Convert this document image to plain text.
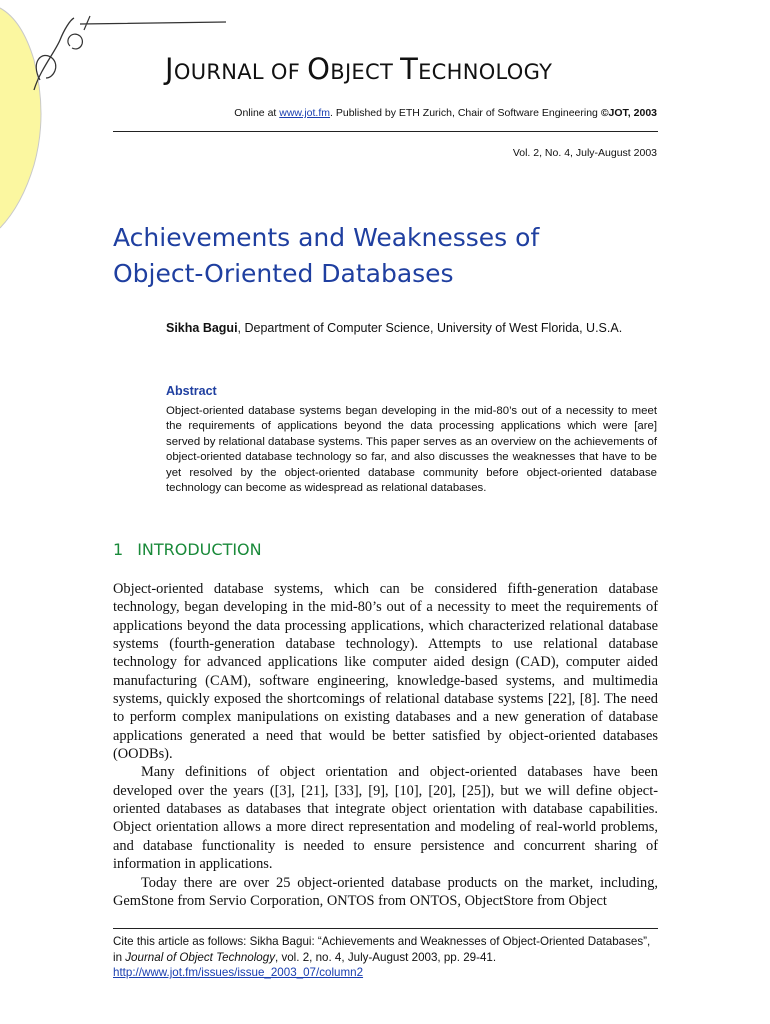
JOURNAL OF OBJECT TECHNOLOGY
Online at www.jot.fm. Published by ETH Zurich, Chair of Software Engineering ©JOT, 2003
Vol. 2, No. 4, July-August 2003
Achievements and Weaknesses of
Object-Oriented Databases
Sikha Bagui, Department of Computer Science, University of West Florida, U.S.A.
Abstract
Object-oriented database systems began developing in the mid-80’s out of a necessity to meet the requirements of applications beyond the data processing applications which were [are] served by relational database systems. This paper serves as an overview on the achievements of object-oriented database technology so far, and also discusses the weaknesses that have to be yet resolved by the object-oriented database community before object-oriented database technology can become as widespread as relational databases.
1 INTRODUCTION

Object-oriented database systems, which can be considered fifth-generation database technology, began developing in the mid-80’s out of a necessity to meet the requirements of applications beyond the data processing applications, which characterized relational database systems (fourth-generation database technology). Attempts to use relational database technology for advanced applications like computer aided design (CAD), computer aided manufacturing (CAM), software engineering, knowledge-based systems, and multimedia systems, quickly exposed the shortcomings of relational database systems [22], [8]. The need to perform complex manipulations on existing databases and a new generation of database applications generated a need that would be better satisfied by object-oriented databases (OODBs).

Many definitions of object orientation and object-oriented databases have been developed over the years ([3], [21], [33], [9], [10], [20], [25]), but we will define object-oriented databases as databases that integrate object orientation with database capabilities. Object orientation allows a more direct representation and modeling of real-world problems, and database functionality is needed to ensure persistence and concurrent sharing of information in applications.

Today there are over 25 object-oriented database products on the market, including, GemStone from Servio Corporation, ONTOS from ONTOS, ObjectStore from Object

Cite this article as follows: Sikha Bagui: “Achievements and Weaknesses of Object-Oriented Databases”, in Journal of Object Technology, vol. 2, no. 4, July-August 2003, pp. 29-41.
http://www.jot.fm/issues/issue_2003_07/column2
